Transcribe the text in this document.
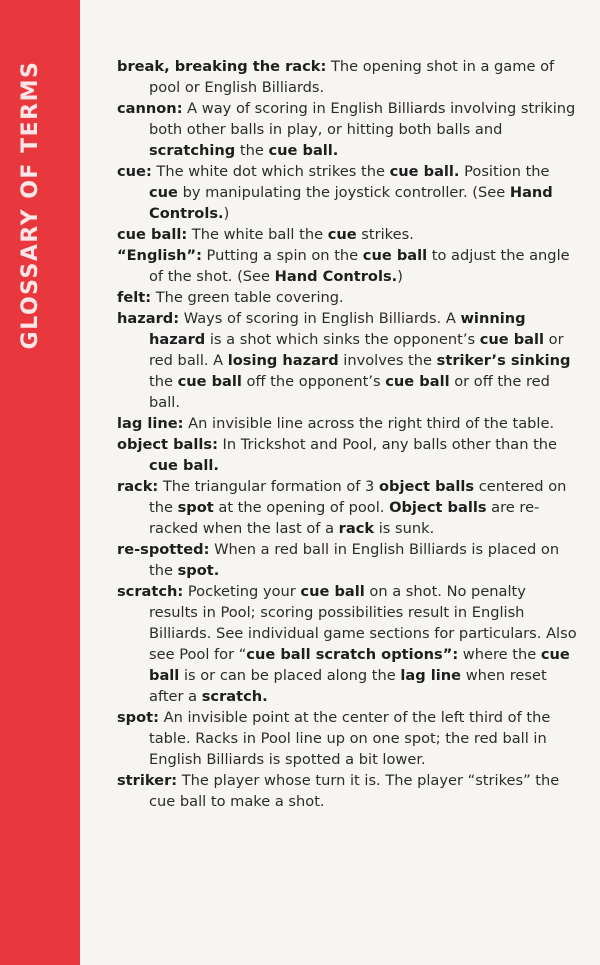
GLOSSARY OF TERMS	break, breaking the rack: The opening shot in a game of pool or English Billiards.
cannon: A way of scoring in English Billiards involving striking both other balls in play, or hitting both balls and scratching the cue ball.
cue: The white dot which strikes the cue ball. Position the cue by manipulating the joystick controller. (See Hand Controls.)
cue ball: The white ball the cue strikes.
“English”: Putting a spin on the cue ball to adjust the angle of the shot. (See Hand Controls.)
felt: The green table covering.
hazard: Ways of scoring in English Billiards. A winning hazard is a shot which sinks the opponent’s cue ball or red ball. A losing hazard involves the striker’s sinking the cue ball off the opponent’s cue ball or off the red ball.
lag line: An invisible line across the right third of the table.
object balls: In Trickshot and Pool, any balls other than the cue ball.
rack: The triangular formation of 3 object balls centered on the spot at the opening of pool. Object balls are re-racked when the last of a rack is sunk.
re-spotted: When a red ball in English Billiards is placed on the spot.
scratch: Pocketing your cue ball on a shot. No penalty results in Pool; scoring possibilities result in English Billiards. See individual game sections for particulars. Also see Pool for “cue ball scratch options”: where the cue ball is or can be placed along the lag line when reset after a scratch.
spot: An invisible point at the center of the left third of the table. Racks in Pool line up on one spot; the red ball in English Billiards is spotted a bit lower.
striker: The player whose turn it is. The player “strikes” the cue ball to make a shot.
